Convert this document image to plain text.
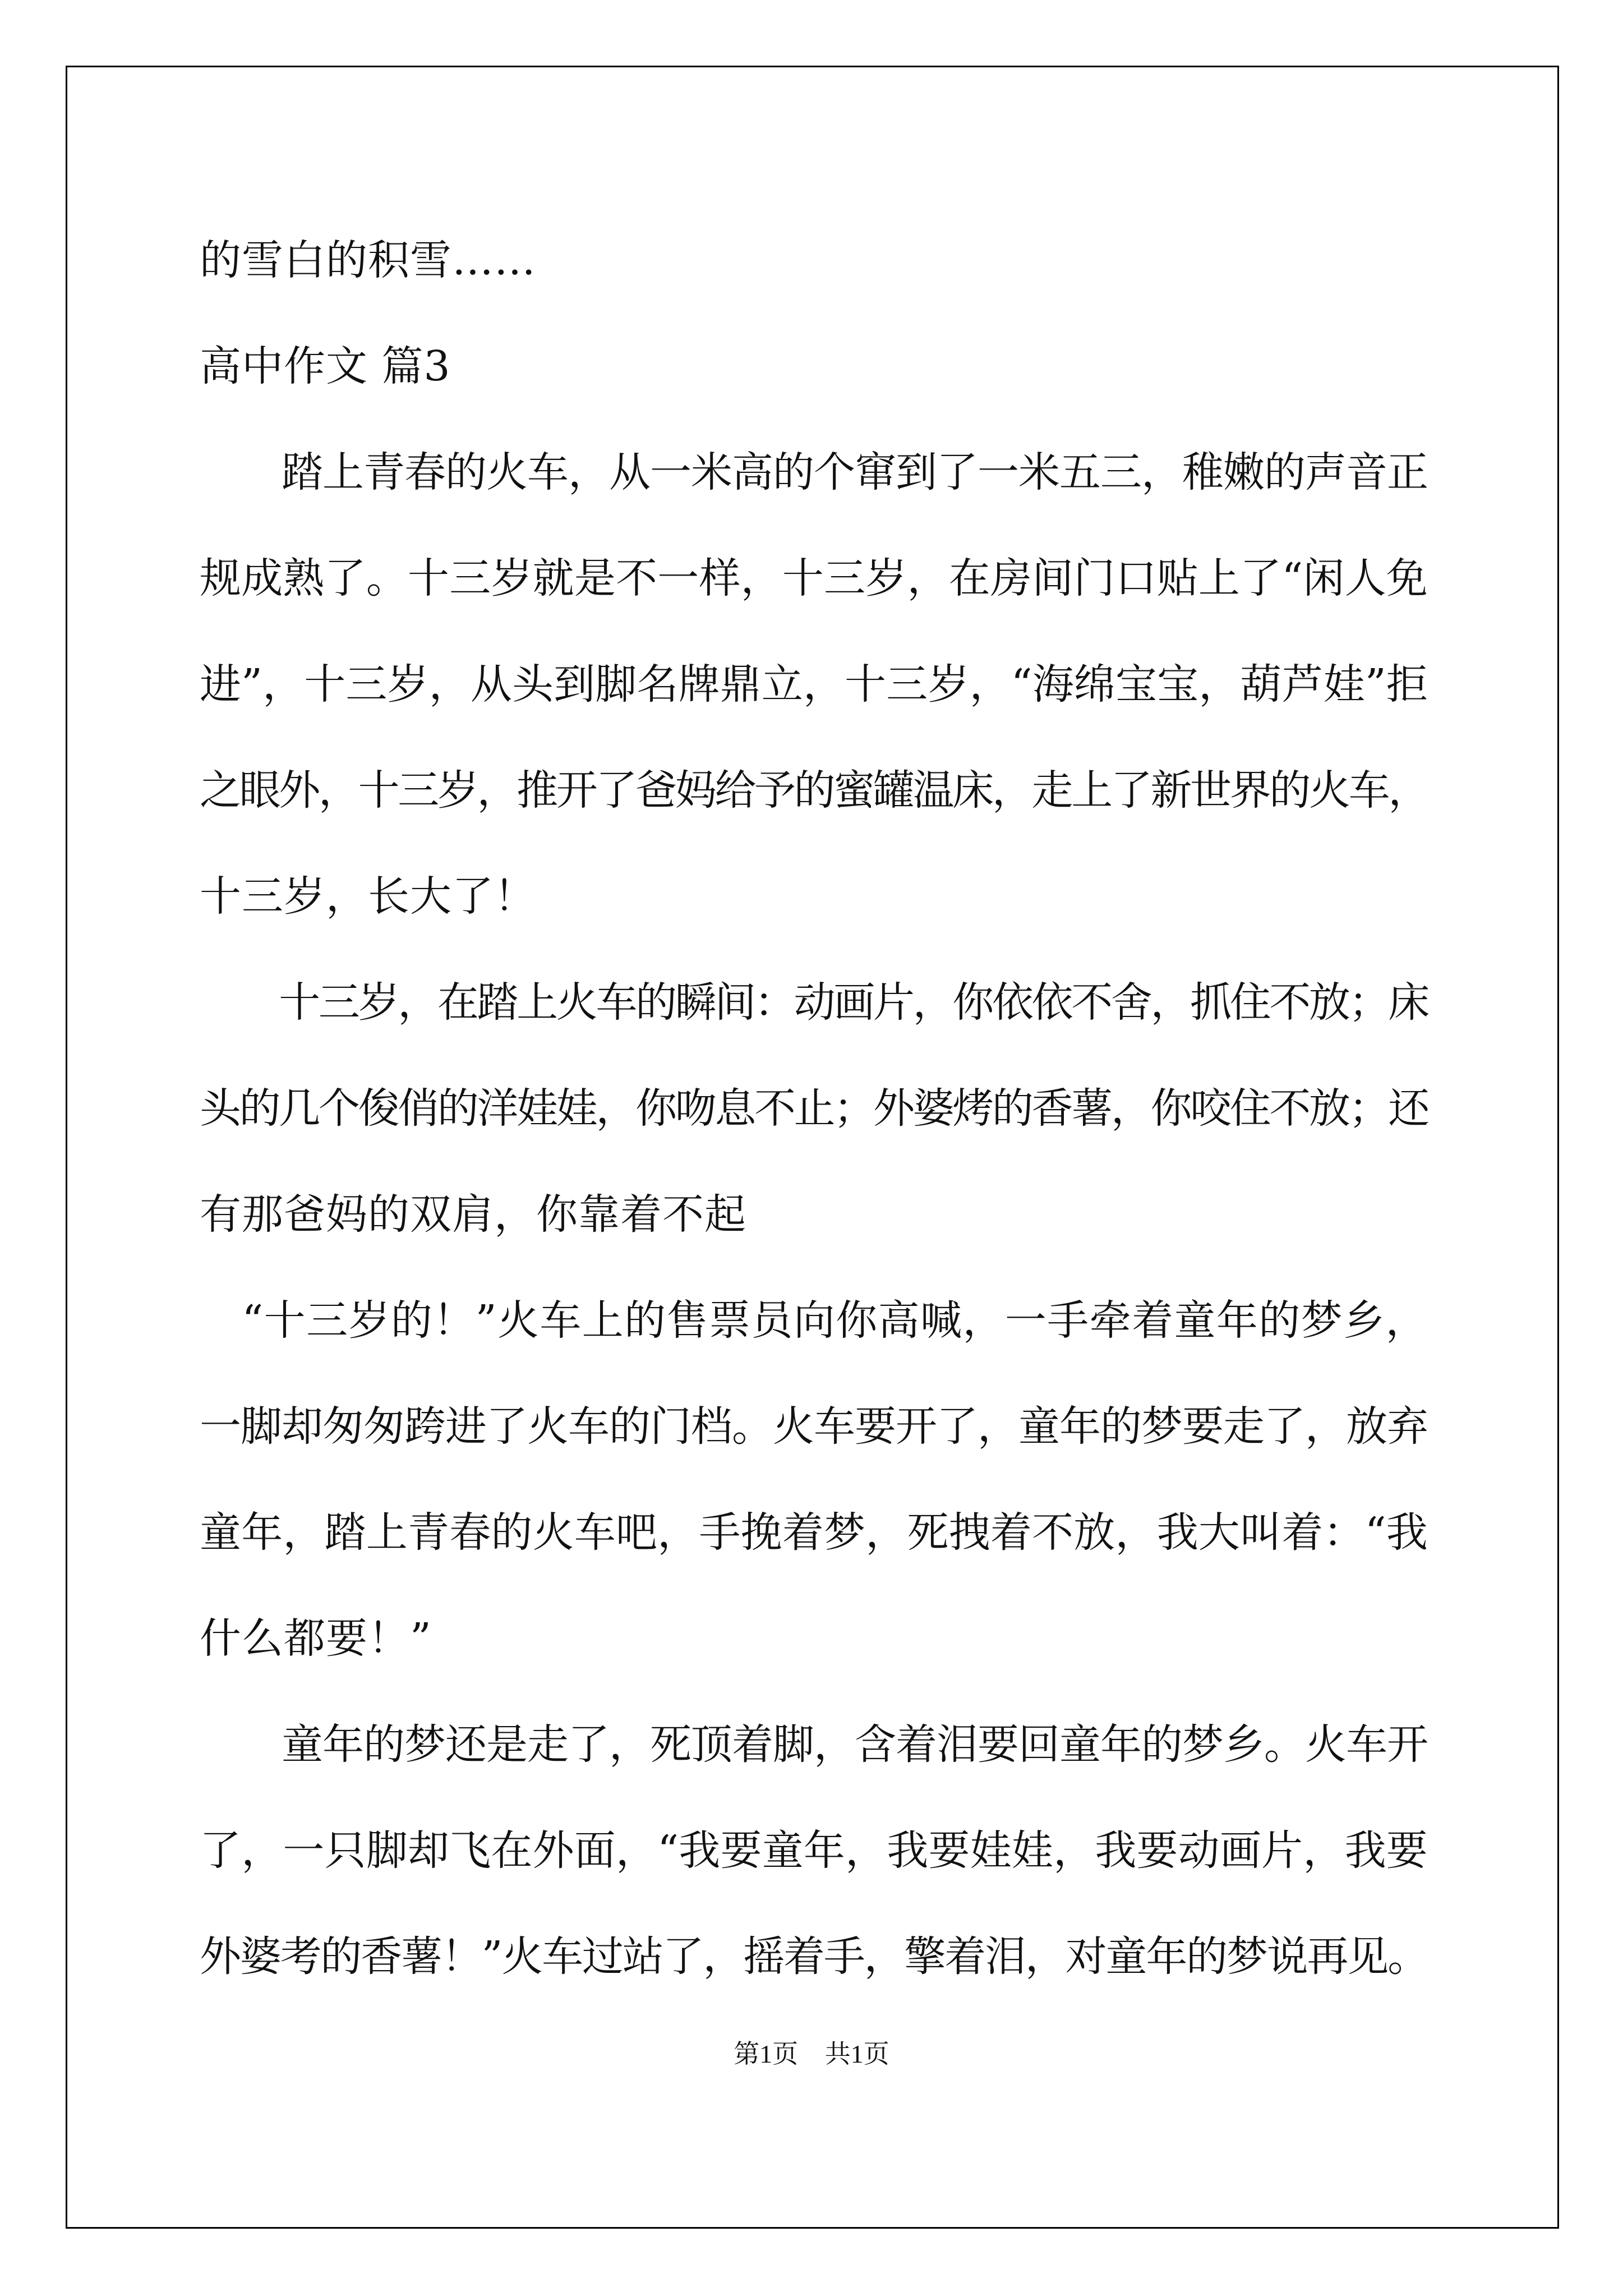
的雪白的积雪……
高中作文 篇3
　　踏上青春的火车，从一米高的个窜到了一米五三，稚嫩的声音正
规成熟了。十三岁就是不一样，十三岁，在房间门口贴上了“闲人免
进”，十三岁，从头到脚名牌鼎立，十三岁，“海绵宝宝，葫芦娃”拒
之眼外，十三岁，推开了爸妈给予的蜜罐温床，走上了新世界的火车，
十三岁，长大了！
　　十三岁，在踏上火车的瞬间：动画片，你依依不舍，抓住不放；床
头的几个俊俏的洋娃娃，你吻息不止；外婆烤的香薯，你咬住不放；还
有那爸妈的双肩，你靠着不起
　“十三岁的！”火车上的售票员向你高喊，一手牵着童年的梦乡，
一脚却匆匆跨进了火车的门档。火车要开了，童年的梦要走了，放弃
童年，踏上青春的火车吧，手挽着梦，死拽着不放，我大叫着：“我
什么都要！”
　　童年的梦还是走了，死顶着脚，含着泪要回童年的梦乡。火车开
了，一只脚却飞在外面，“我要童年，我要娃娃，我要动画片，我要
外婆考的香薯！”火车过站了，摇着手，擎着泪，对童年的梦说再见。
第1页 共1页
